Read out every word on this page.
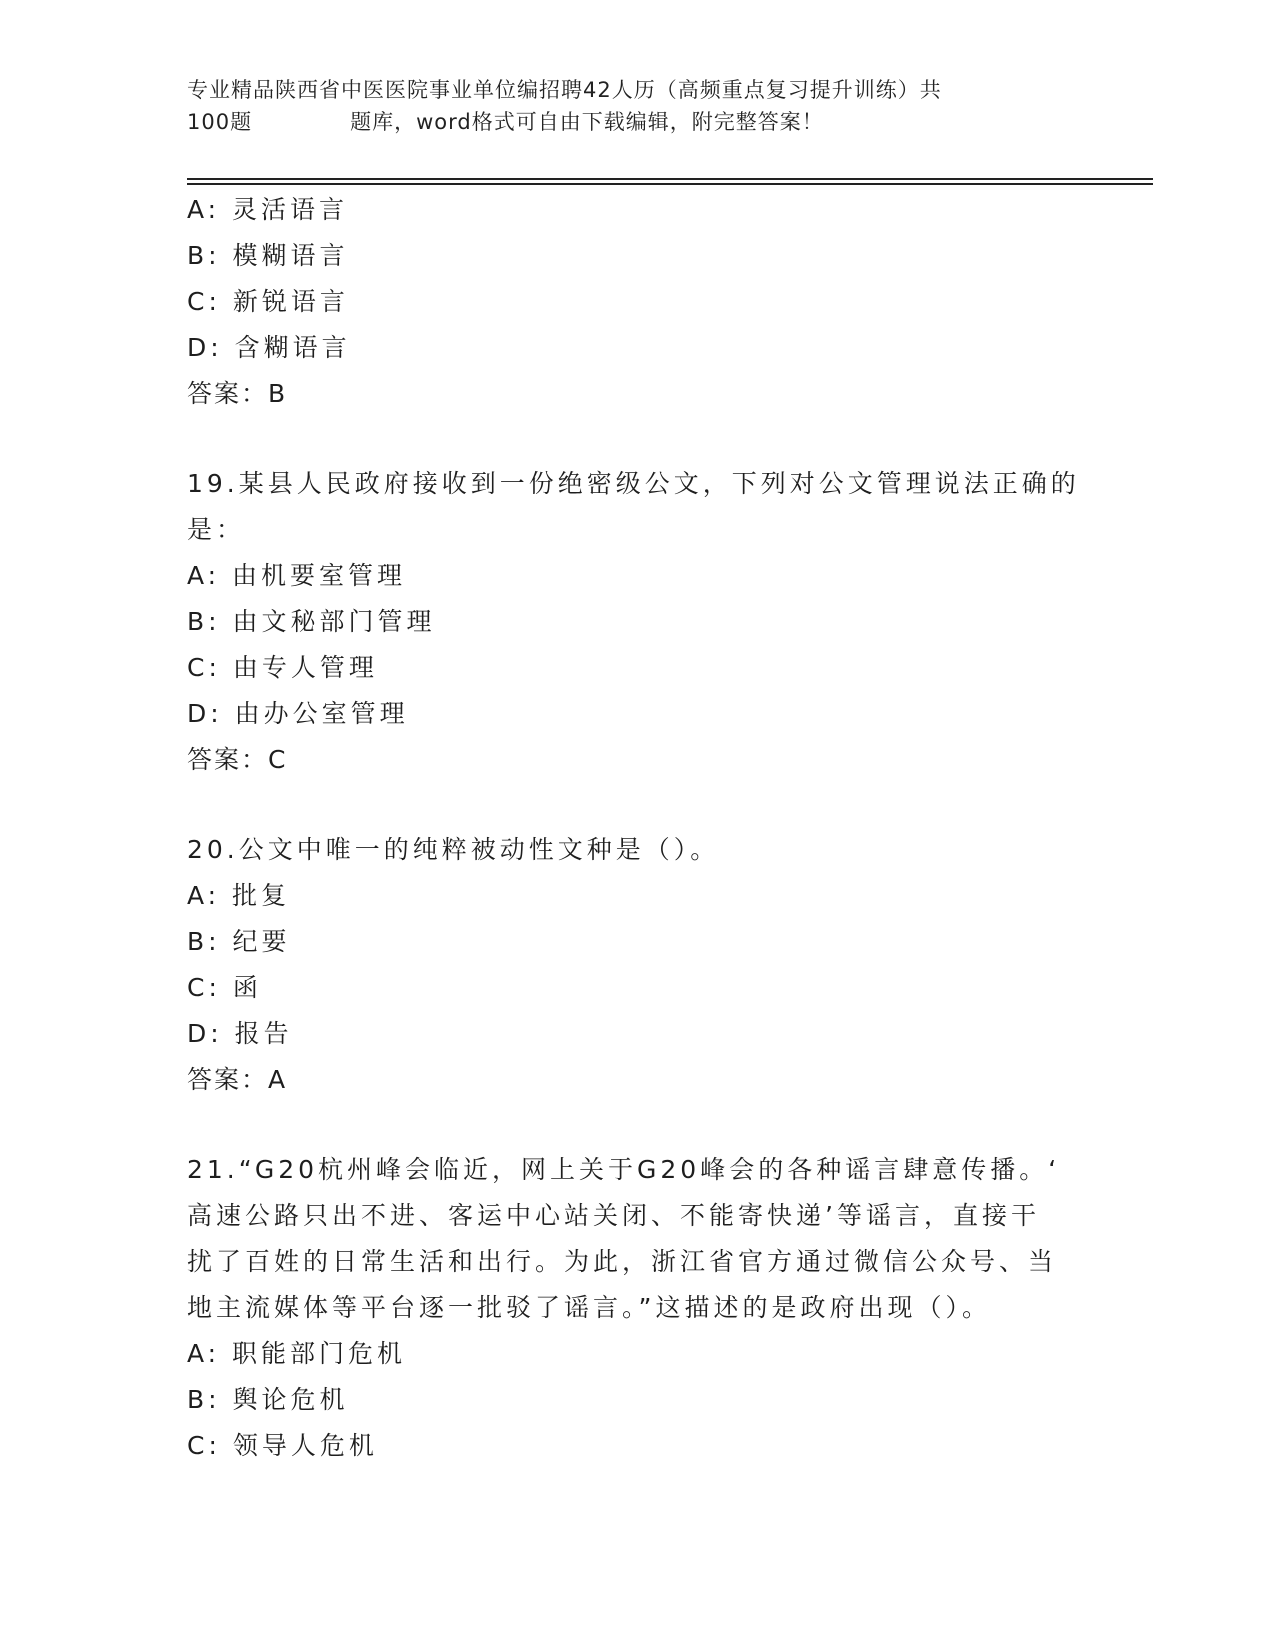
专业精品陕西省中医医院事业单位编招聘42人历（高频重点复习提升训练）共
100题	题库，word格式可自由下载编辑，附完整答案！
A: 灵活语言
B: 模糊语言
C: 新锐语言
D: 含糊语言
答案：B
19.某县人民政府接收到一份绝密级公文，下列对公文管理说法正确的
是：
A: 由机要室管理
B: 由文秘部门管理
C: 由专人管理
D: 由办公室管理
答案：C
20.公文中唯一的纯粹被动性文种是（）。
A: 批复
B: 纪要
C: 函
D: 报告
答案：A
21.“G20杭州峰会临近，网上关于G20峰会的各种谣言肆意传播。‘
高速公路只出不进、客运中心站关闭、不能寄快递’等谣言，直接干
扰了百姓的日常生活和出行。为此，浙江省官方通过微信公众号、当
地主流媒体等平台逐一批驳了谣言。”这描述的是政府出现（）。
A: 职能部门危机
B: 舆论危机
C: 领导人危机
